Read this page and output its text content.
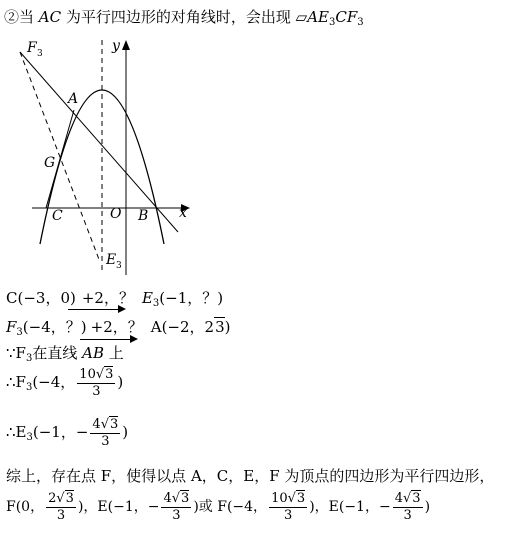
②当 AC 为平行四边形的对角线时，会出现 $▱AE_3CF_3$
F 3
A
G
C	O B
E 3
x
y
C(−3，0) +2，？ $E_3(-1$，？)
$F_3(-4$，？) +2，？ A(−2，23)
$\because F_3$在直线 AB 上
$\therefore F_3(-4$， $\frac{10√3}{3}$ )
$\therefore E_3(-1$，− $\frac{4√3}{3}$ )
综上，存在点 F，使得以点 A，C，E，F 为顶点的四边形为平行四边形，
F(0， $\frac{2√3}{3}$ )，E(−1，− $\frac{4√3}{3}$ )或 F(−4， $\frac{10√3}{3}$ )，E(−1，− $\frac{4√3}{3}$ )
